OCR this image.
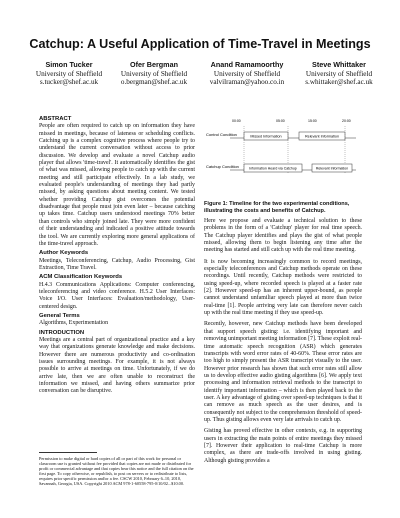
Catchup: A Useful Application of Time-Travel in Meetings
Simon Tucker
University of Sheffield
s.tucker@shef.ac.uk
Ofer Bergman
University of Sheffield
o.bergman@shef.ac.uk
Anand Ramamoorthy
University of Sheffield
valvilraman@yahoo.co.in
Steve Whittaker
University of Sheffield
s.whittaker@shef.ac.uk
ABSTRACT

People are often required to catch up on information they have missed in meetings, because of lateness or scheduling conflicts. Catching up is a complex cognitive process where people try to understand the current conversation without access to prior discussion. We develop and evaluate a novel Catchup audio player that allows 'time-travel'. It automatically identifies the gist of what was missed, allowing people to catch up with the current meeting and still participate effectively. In a lab study, we evaluated people's understanding of meetings they had partly missed, by asking questions about meeting content. We tested whether providing Catchup gist overcomes the potential disadvantage that people must join even later – because catching up takes time. Catchup users understood meetings 70% better than controls who simply joined late. They were more confident of their understanding and indicated a positive attitude towards the tool. We are currently exploring more general applications of the time-travel approach.

Author Keywords

Meetings, Teleconferencing, Catchup, Audio Processing, Gist Extraction, Time Travel.

ACM Classification Keywords

H.4.3 Communications Applications: Computer conferencing, teleconferencing and video conference. H.5.2 User Interfaces: Voice I/O. User Interfaces: Evaluation/methodology, User-centered design.

General Terms

Algorithms, Experimentation

INTRODUCTION

Meetings are a central part of organizational practice and a key way that organizations generate knowledge and make decisions. However there are numerous productivity and co-ordination issues surrounding meetings. For example, it is not always possible to arrive at meetings on time. Unfortunately, if we do arrive late, then we are often unable to reconstruct the information we missed, and having others summarize prior conversation can be disruptive.

Permission to make digital or hard copies of all or part of this work for personal or classroom use is granted without fee provided that copies are not made or distributed for profit or commercial advantage and that copies bear this notice and the full citation on the first page. To copy otherwise, or republish, to post on servers or to redistribute to lists, requires prior specific permission and/or a fee. CSCW 2010, February 6–10, 2010, Savannah, Georgia, USA. Copyright 2010 ACM 978-1-60558-795-0/10/02...$10.00.
Control Condition	Missed Information	Relevant Information
00:00	05:00	15:00	20:00
Catchup Condition	Information Heard via Catchup	Relevant Information
Figure 1: Timeline for the two experimental conditions, illustrating the costs and benefits of Catchup.

Here we propose and evaluate a technical solution to these problems in the form of a 'Catchup' player for real time speech. The Catchup player identifies and plays the gist of what people missed, allowing them to begin listening any time after the meeting has started and still catch up with the real time meeting.

It is now becoming increasingly common to record meetings, especially teleconferences and Catchup methods operate on these recordings. Until recently, Catchup methods were restricted to using speed-up, where recorded speech is played at a faster rate [2]. However speed-up has an inherent upper-bound, as people cannot understand unfamiliar speech played at more than twice real-time [1]. People arriving very late can therefore never catch up with the real time meeting if they use speed-up.

Recently, however, new Catchup methods have been developed that support speech gisting: i.e. identifying important and removing unimportant meeting information [7]. These exploit real-time automatic speech recognition (ASR) which generates transcripts with word error rates of 40-60%. These error rates are too high to simply present the ASR transcript visually to the user. However prior research has shown that such error rates still allow us to develop effective audio gisting algorithms [6]. We apply text processing and information retrieval methods to the transcript to identify important information – which is then played back to the user. A key advantage of gisting over speed-up techniques is that it can remove as much speech as the user desires, and is consequently not subject to the comprehension threshold of speed-up. Thus gisting allows even very late arrivals to catch up.

Gisting has proved effective in other contexts, e.g. in supporting users in extracting the main points of entire meetings they missed [7]. However their application to real-time Catchup is more complex, as there are trade-offs involved in using gisting. Although gisting provides a
